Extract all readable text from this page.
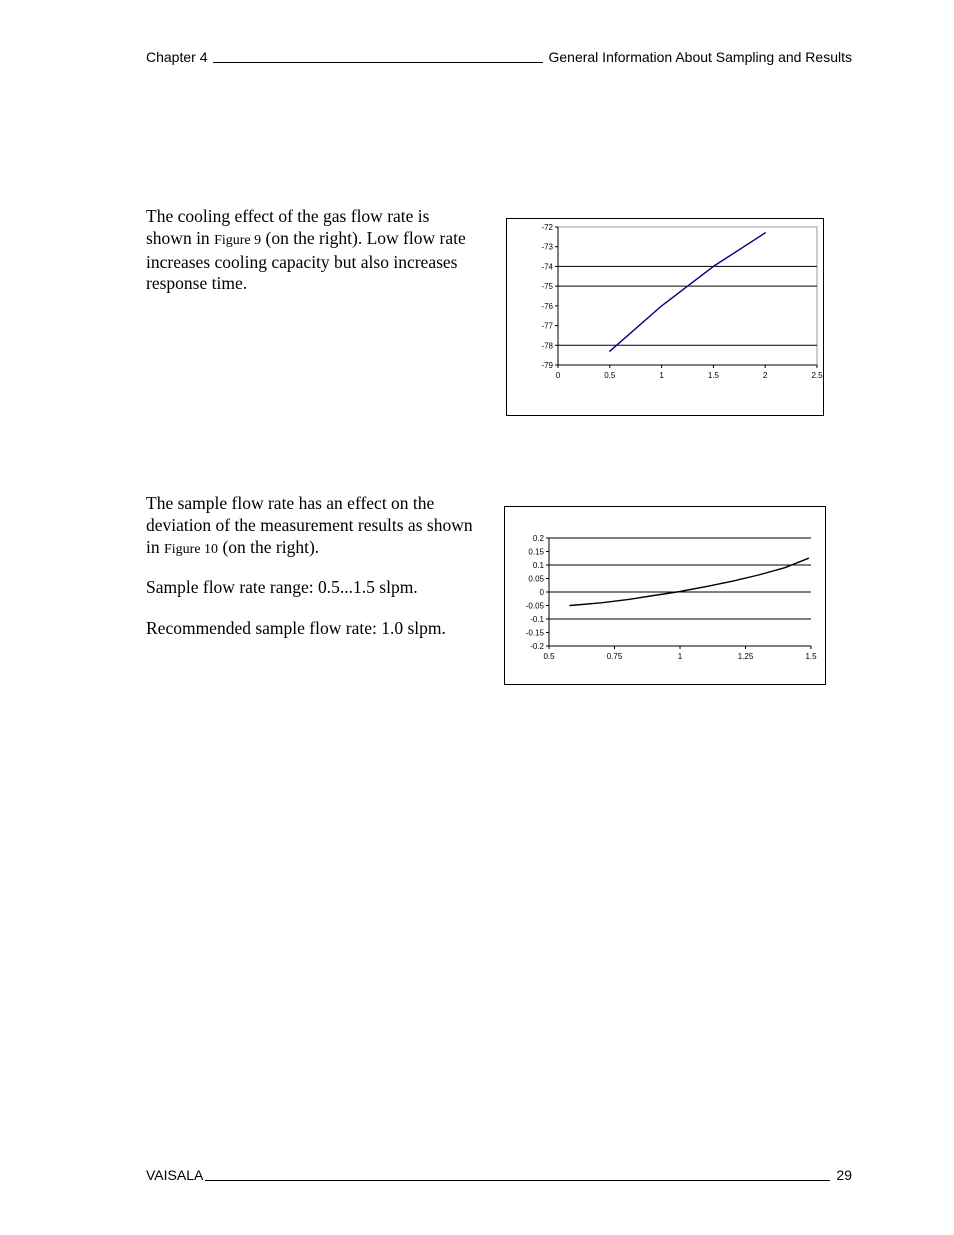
Chapter 4	General Information About Sampling and Results

The cooling effect of the gas flow rate is shown in Figure 9 (on the right). Low flow rate increases cooling capacity but also increases response time.

The sample flow rate has an effect on the deviation of the measurement results as shown in Figure 10 (on the right).

Sample flow rate range: 0.5...1.5 slpm.

Recommended sample flow rate: 1.0 slpm.

-72
-73
-74
-75
-76
-77
-78
-79
0	0.5	1	1.5	2	2.5
0.2
0.15
0.1
0.05
0
-0.05
-0.1
-0.15
-0.2
0.5	0.75	1	1.25	1.5
VAISALA	29
